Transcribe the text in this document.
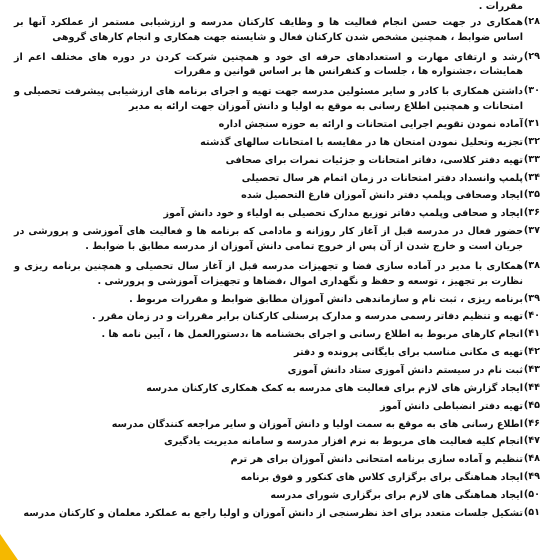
مقررات .
۲۸)
همکاری در جهت حسن انجام فعالیت ها و وظایف کارکنان مدرسه و ارزشیابی مستمر از عملکرد آنها بر اساس ضوابط ، همچنین مشخص شدن کارکنان فعال و شایسته جهت همکاری و انجام کارهای گروهی
۲۹)
رشد و ارتقای مهارت و استعدادهای حرفه ای خود و همچنین شرکت کردن در دوره های مختلف اعم از همایشات ،جشنواره ها ، جلسات و کنفرانس ها بر اساس قوانین و مقررات
۳۰)
داشتن همکاری با کادر و سایر مسئولین مدرسه جهت تهیه و اجرای برنامه های ارزشیابی پیشرفت تحصیلی و امتحانات و همچنین اطلاع رسانی به موقع به اولیا و دانش آموزان جهت ارائه به مدیر
۳۱)
آماده نمودن تقویم اجرایی امتحانات و ارائه به حوزه سنجش اداره
۳۲)
تجزیه وتحلیل نمودن امتحان ها در مقایسه با امتحانات سالهای گذشته
۳۳)
تهیه دفتر کلاسی، دفاتر امتحانات و جزئیات نمرات برای صحافی
۳۴)
پلمپ وانسداد دفتر امتحانات در زمان اتمام هر سال تحصیلی
۳۵)
ایجاد وصحافی وپلمپ دفتر دانش آموزان فارغ التحصیل شده
۳۶)
ایجاد و صحافی وپلمپ دفاتر توزیع مدارک تحصیلی به اولیاء و خود دانش آموز
۳۷)
حضور فعال در مدرسه قبل از آغاز کار روزانه و مادامی که برنامه ها و فعالیت های آموزشی و پرورشی در جریان است و خارج شدن از آن پس از خروج تمامی دانش آموزان از مدرسه مطابق با ضوابط .
۳۸)
همکاری با مدیر در آماده سازی فضا و تجهیزات مدرسه قبل از آغاز سال تحصیلی و همچنین برنامه ریزی و نظارت بر تجهیز ، توسعه و حفظ و نگهداری اموال ،فضاها و تجهیزات آموزشی و پرورشی .
۳۹)
برنامه ریزی ، ثبت نام و سازماندهی دانش آموزان مطابق ضوابط و مقررات مربوط .
۴۰)
تهیه و تنظیم دفاتر رسمی مدرسه و مدارک پرسنلی کارکنان برابر مقررات و در زمان مقرر .
۴۱)
انجام کارهای مربوط به اطلاع رسانی و اجرای بخشنامه ها ،دستورالعمل ها ، آیین نامه ها .
۴۲)
تهیه ی مکانی مناسب برای بایگانی پرونده و دفتر
۴۳)
ثبت نام در سیستم دانش آموزی ستاد دانش آموزی
۴۴)
ایجاد گزارش های لازم برای فعالیت های مدرسه به کمک همکاری کارکنان مدرسه
۴۵)
تهیه دفتر انضباطی دانش آموز
۴۶)
اطلاع رسانی های به موقع به سمت اولیا و دانش آموزان و سایر مراجعه کنندگان مدرسه
۴۷)
انجام کلیه فعالیت های مربوط به نرم افزار مدرسه و سامانه مدیریت یادگیری
۴۸)
تنظیم و آماده سازی برنامه امتحانی دانش آموزان برای هر ترم
۴۹)
ایجاد هماهنگی برای برگزاری کلاس های کنکور و فوق برنامه
۵۰)
ایجاد هماهنگی های لازم برای برگزاری شورای مدرسه
۵۱)
تشکیل جلسات متعدد برای اخذ نظرسنجی از دانش آموزان و اولیا راجع به عملکرد معلمان و کارکنان مدرسه
